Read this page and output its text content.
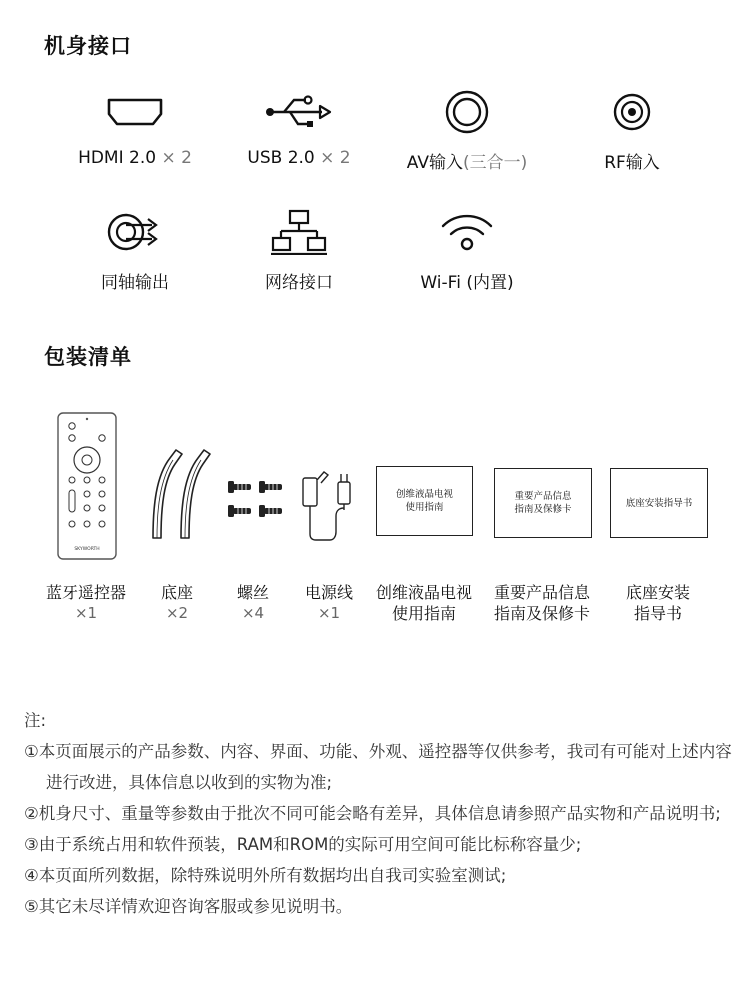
机身接口
HDMI 2.0 × 2	USB 2.0 × 2	AV输入(三合一)	RF输入
同轴输出	网络接口	Wi-Fi (内置)
包装清单
SKYWORTH
创维液晶电视
使用指南
重要产品信息
指南及保修卡
底座安装指导书
蓝牙遥控器
×1
底座
×2
螺丝
×4
电源线
×1
创维液晶电视
使用指南
重要产品信息
指南及保修卡
底座安装
指导书
注:
①本页面展示的产品参数、内容、界面、功能、外观、遥控器等仅供参考，我司有可能对上述内容进行改进，具体信息以收到的实物为准;
②机身尺寸、重量等参数由于批次不同可能会略有差异，具体信息请参照产品实物和产品说明书;
③由于系统占用和软件预装，RAM和ROM的实际可用空间可能比标称容量少;
④本页面所列数据，除特殊说明外所有数据均出自我司实验室测试;
⑤其它未尽详情欢迎咨询客服或参见说明书。
